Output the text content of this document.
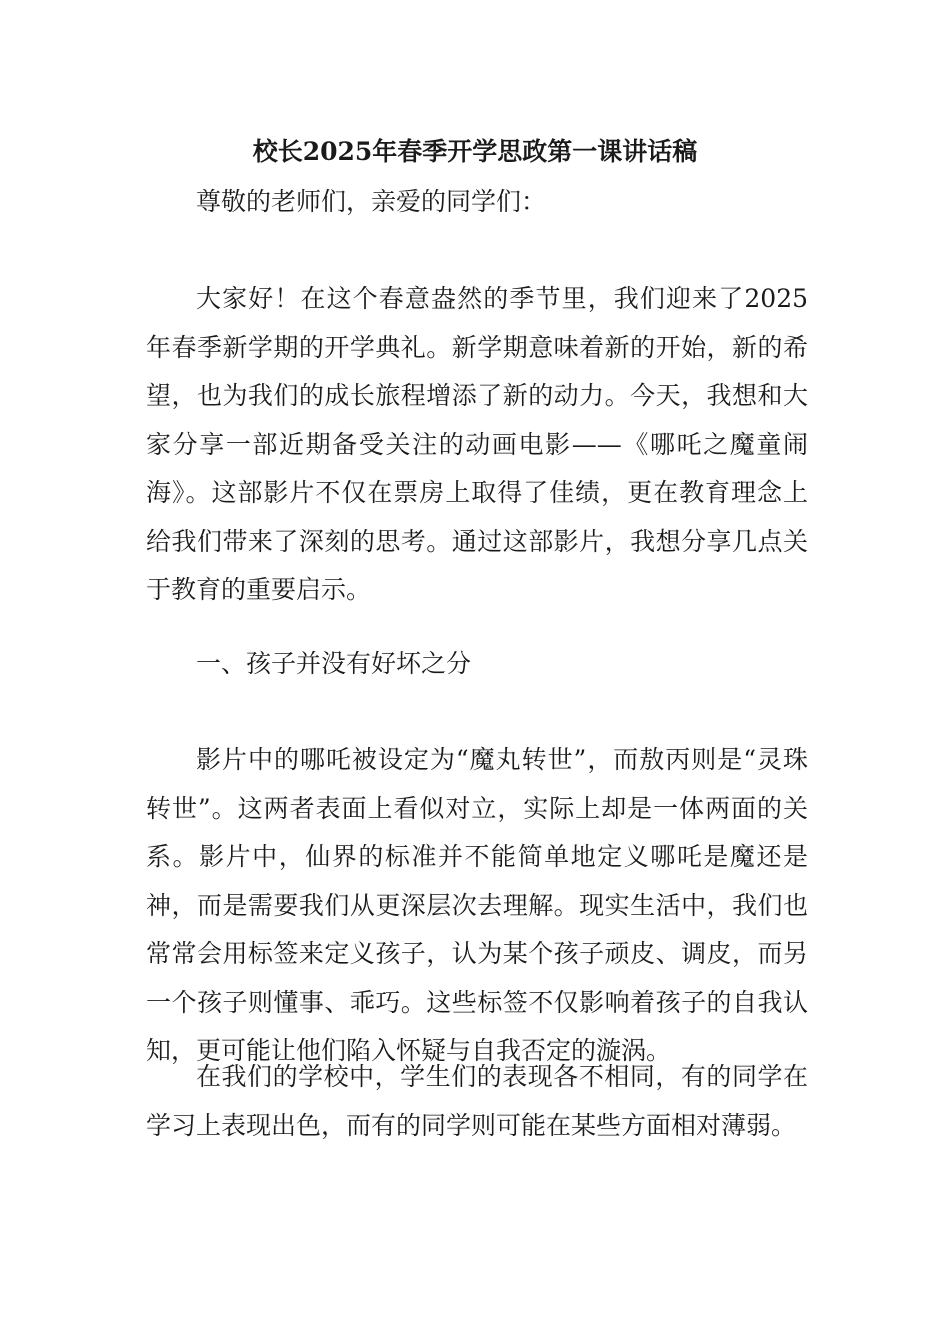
校长2025年春季开学思政第一课讲话稿

尊敬的老师们，亲爱的同学们：

大家好！在这个春意盎然的季节里，我们迎来了2025年春季新学期的开学典礼。新学期意味着新的开始，新的希望，也为我们的成长旅程增添了新的动力。今天，我想和大家分享一部近期备受关注的动画电影——《哪吒之魔童闹海》。这部影片不仅在票房上取得了佳绩，更在教育理念上给我们带来了深刻的思考。通过这部影片，我想分享几点关于教育的重要启示。

一、孩子并没有好坏之分

影片中的哪吒被设定为“魔丸转世”，而敖丙则是“灵珠转世”。这两者表面上看似对立，实际上却是一体两面的关系。影片中，仙界的标准并不能简单地定义哪吒是魔还是神，而是需要我们从更深层次去理解。现实生活中，我们也常常会用标签来定义孩子，认为某个孩子顽皮、调皮，而另一个孩子则懂事、乖巧。这些标签不仅影响着孩子的自我认知，更可能让他们陷入怀疑与自我否定的漩涡。

在我们的学校中，学生们的表现各不相同，有的同学在学习上表现出色，而有的同学则可能在某些方面相对薄弱。
